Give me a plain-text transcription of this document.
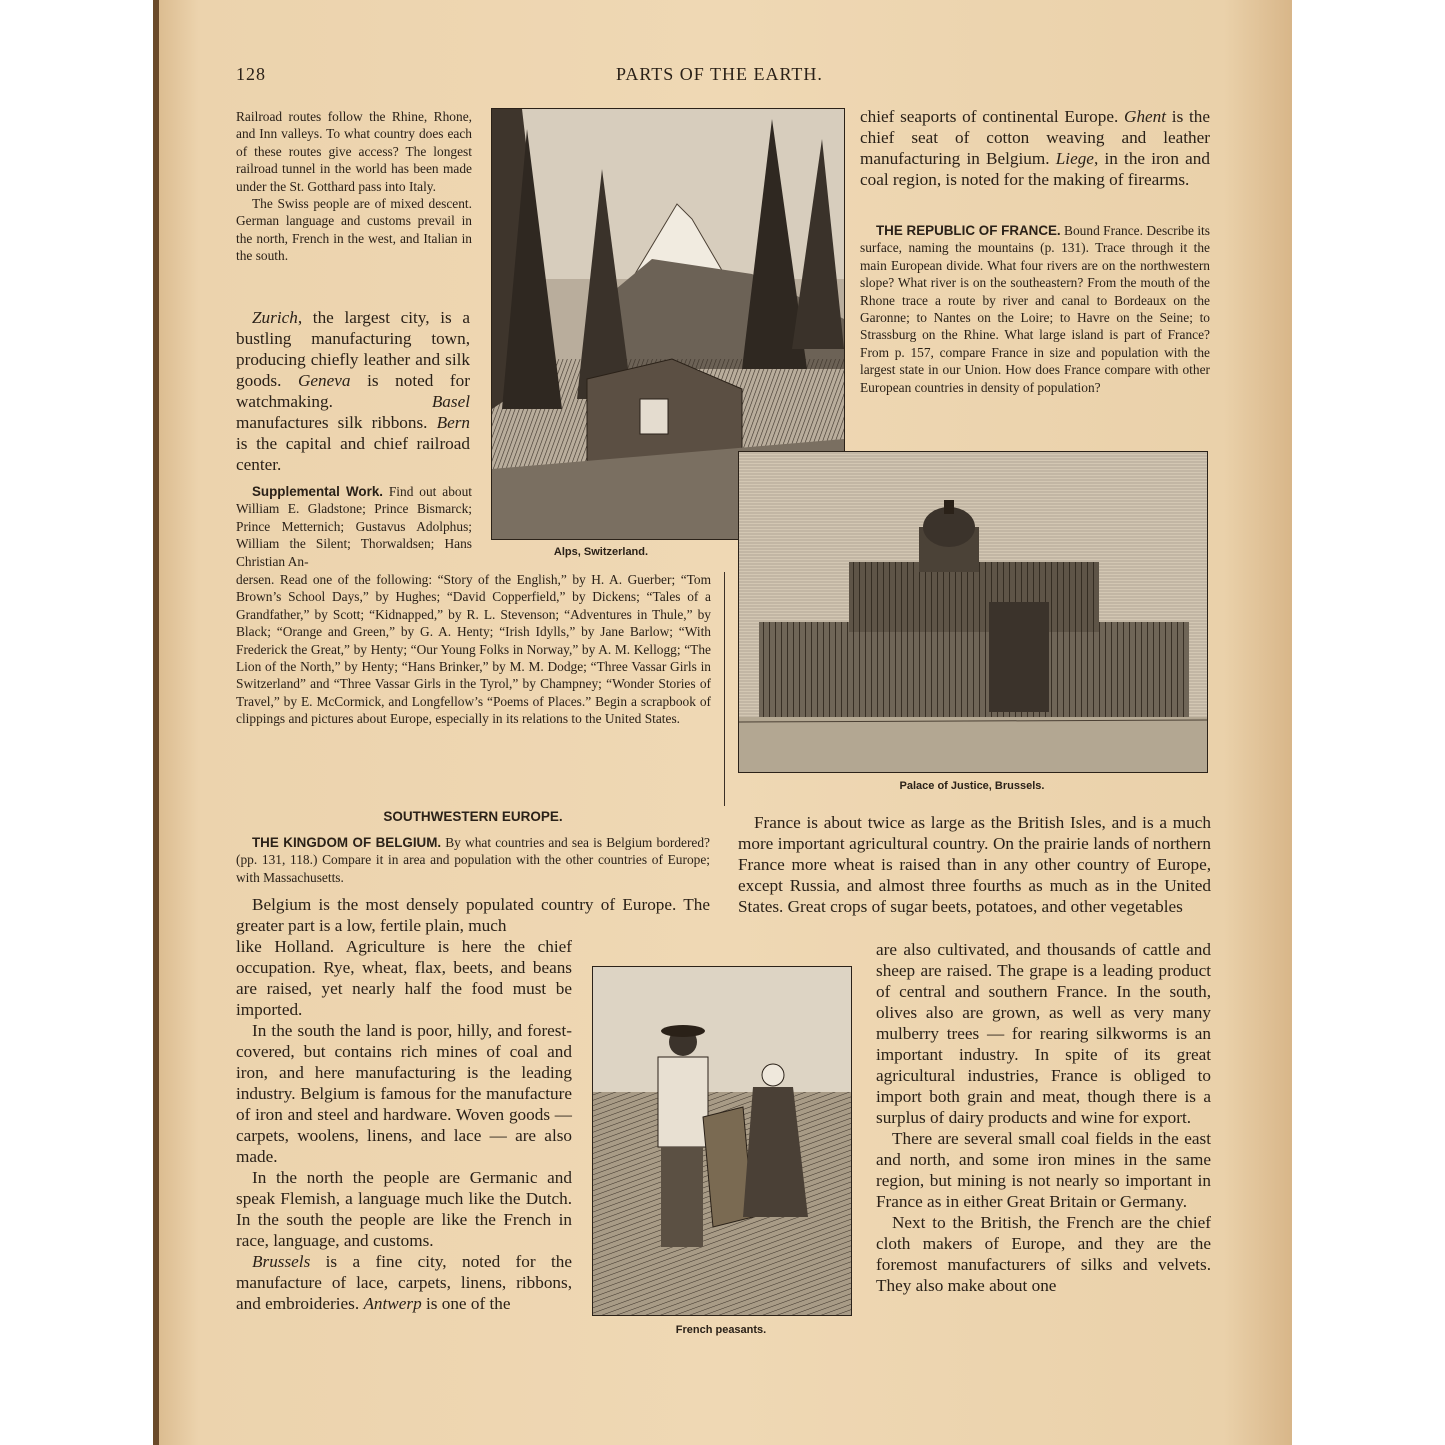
128	PARTS OF THE EARTH.

Railroad routes follow the Rhine, Rhone, and Inn valleys. To what country does each of these routes give access? The longest railroad tunnel in the world has been made under the St. Gotthard pass into Italy.

The Swiss people are of mixed descent. German language and customs prevail in the north, French in the west, and Italian in the south.

Zurich, the largest city, is a bustling manufacturing town, producing chiefly leather and silk goods. Geneva is noted for watchmaking. Basel manufactures silk ribbons. Bern is the capital and chief railroad center.

Supplemental Work. Find out about William E. Gladstone; Prince Bismarck; Prince Metternich; Gustavus Adolphus; William the Silent; Thorwaldsen; Hans Christian An-

dersen. Read one of the following: “Story of the English,” by H. A. Guerber; “Tom Brown’s School Days,” by Hughes; “David Copperfield,” by Dickens; “Tales of a Grandfather,” by Scott; “Kidnapped,” by R. L. Stevenson; “Adventures in Thule,” by Black; “Orange and Green,” by G. A. Henty; “Irish Idylls,” by Jane Barlow; “With Frederick the Great,” by Henty; “Our Young Folks in Norway,” by A. M. Kellogg; “The Lion of the North,” by Henty; “Hans Brinker,” by M. M. Dodge; “Three Vassar Girls in Switzerland” and “Three Vassar Girls in the Tyrol,” by Champney; “Wonder Stories of Travel,” by E. McCormick, and Longfellow’s “Poems of Places.” Begin a scrapbook of clippings and pictures about Europe, especially in its relations to the United States.

Alps, Switzerland.

chief seaports of continental Europe. Ghent is the chief seat of cotton weaving and leather manufacturing in Belgium. Liege, in the iron and coal region, is noted for the making of firearms.

THE REPUBLIC OF FRANCE. Bound France. Describe its surface, naming the mountains (p. 131). Trace through it the main European divide. What four rivers are on the northwestern slope? What river is on the southeastern? From the mouth of the Rhone trace a route by river and canal to Bordeaux on the Garonne; to Nantes on the Loire; to Havre on the Seine; to Strassburg on the Rhine. What large island is part of France? From p. 157, compare France in size and population with the largest state in our Union. How does France compare with other European countries in density of population?

Palace of Justice, Brussels.
SOUTHWESTERN EUROPE.

THE KINGDOM OF BELGIUM. By what countries and sea is Belgium bordered? (pp. 131, 118.) Compare it in area and population with the other countries of Europe; with Massachusetts.

Belgium is the most densely populated country of Europe. The greater part is a low, fertile plain, much

like Holland. Agriculture is here the chief occupation. Rye, wheat, flax, beets, and beans are raised, yet nearly half the food must be imported.

In the south the land is poor, hilly, and forest-covered, but contains rich mines of coal and iron, and here manufacturing is the leading industry. Belgium is famous for the manufacture of iron and steel and hardware. Woven goods — carpets, woolens, linens, and lace — are also made.

In the north the people are Germanic and speak Flemish, a language much like the Dutch. In the south the people are like the French in race, language, and customs.

Brussels is a fine city, noted for the manufacture of lace, carpets, linens, ribbons, and embroideries. Antwerp is one of the

French peasants.

France is about twice as large as the British Isles, and is a much more important agricultural country. On the prairie lands of northern France more wheat is raised than in any other country of Europe, except Russia, and almost three fourths as much as in the United States. Great crops of sugar beets, potatoes, and other vegetables

are also cultivated, and thousands of cattle and sheep are raised. The grape is a leading product of central and southern France. In the south, olives also are grown, as well as very many mulberry trees — for rearing silkworms is an important industry. In spite of its great agricultural industries, France is obliged to import both grain and meat, though there is a surplus of dairy products and wine for export.

There are several small coal fields in the east and north, and some iron mines in the same region, but mining is not nearly so important in France as in either Great Britain or Germany.

Next to the British, the French are the chief cloth makers of Europe, and they are the foremost manufacturers of silks and velvets. They also make about one
